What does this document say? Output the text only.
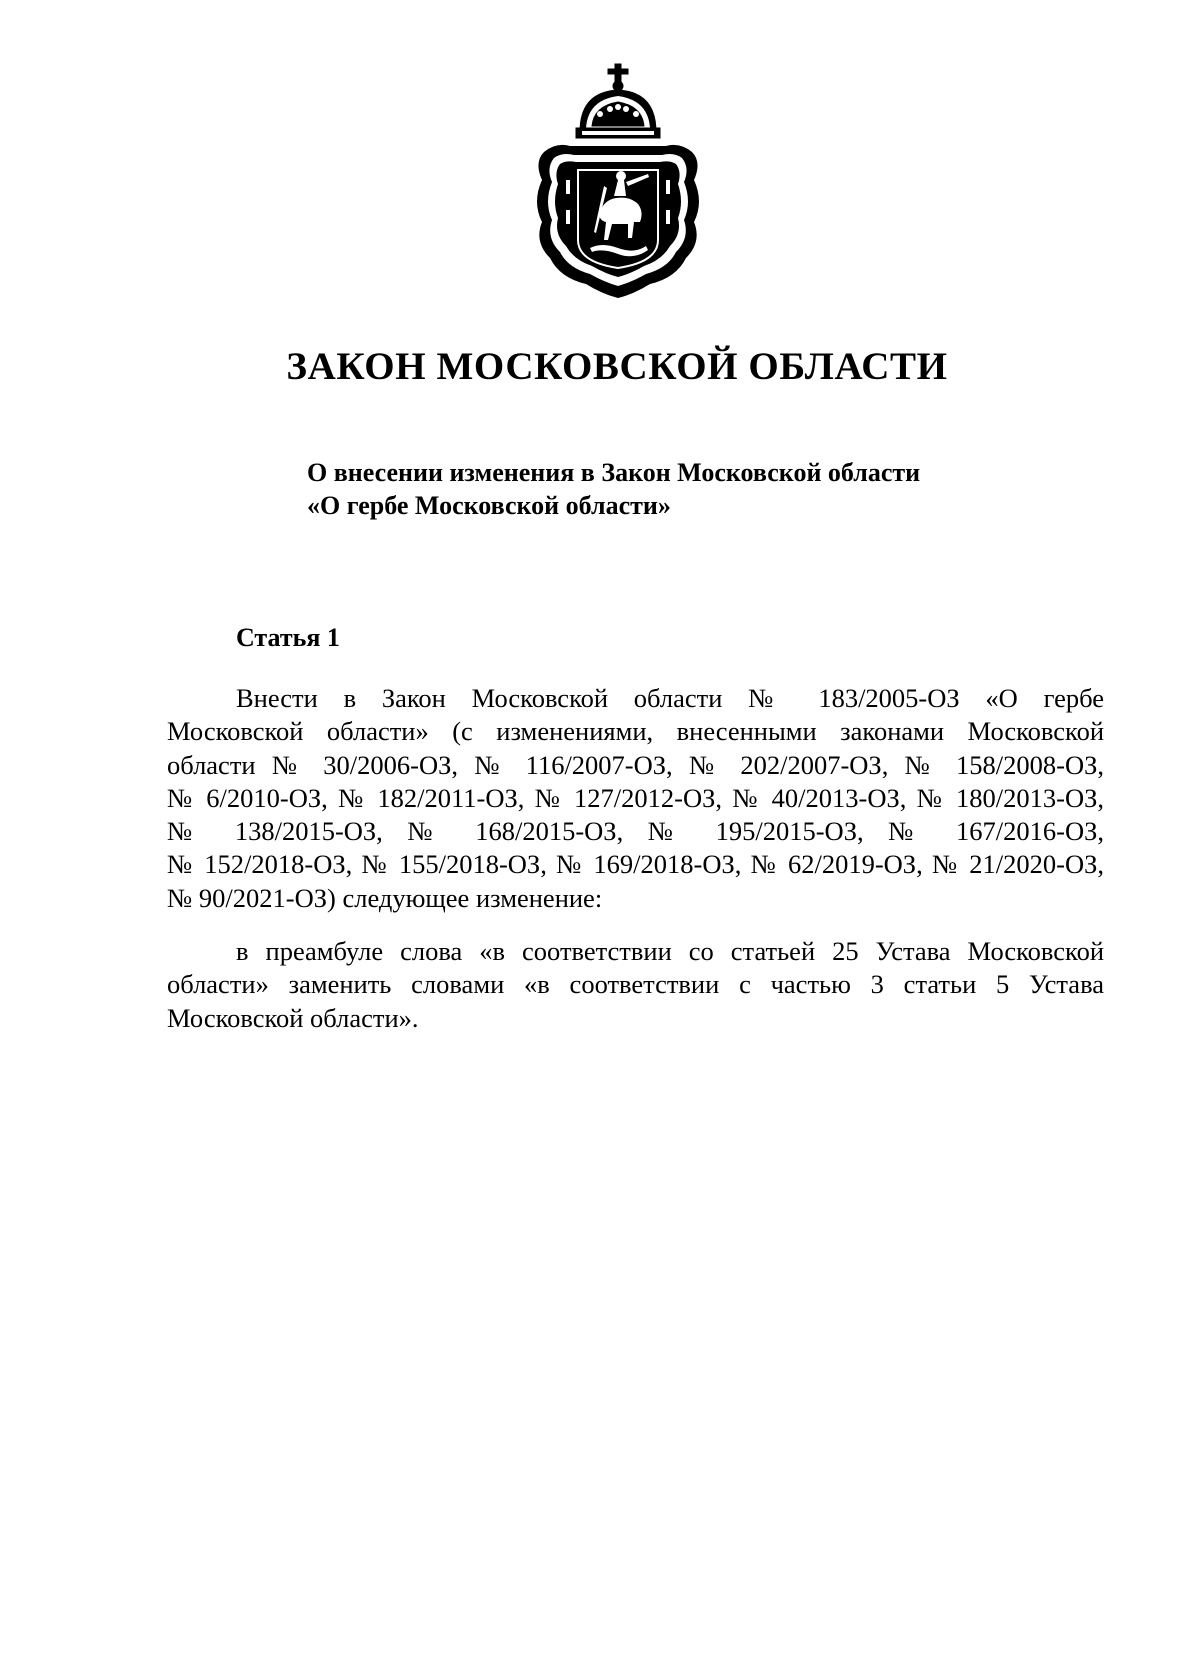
ЗАКОН МОСКОВСКОЙ ОБЛАСТИ
О внесении изменения в Закон Московской области
«О гербе Московской области»
Статья 1
Внести в Закон Московской области № 183/2005-ОЗ «О гербе
Московской области» (с изменениями, внесенными законами Московской
области № 30/2006-ОЗ, № 116/2007-ОЗ, № 202/2007-ОЗ, № 158/2008-ОЗ,
№ 6/2010-ОЗ, № 182/2011-ОЗ, № 127/2012-ОЗ, № 40/2013-ОЗ, № 180/2013-ОЗ,
№ 138/2015-ОЗ, № 168/2015-ОЗ, № 195/2015-ОЗ, № 167/2016-ОЗ,
№ 152/2018-ОЗ, № 155/2018-ОЗ, № 169/2018-ОЗ, № 62/2019-ОЗ, № 21/2020-ОЗ,
№ 90/2021-ОЗ) следующее изменение:
в преамбуле слова «в соответствии со статьей 25 Устава Московской
области» заменить словами «в соответствии с частью 3 статьи 5 Устава
Московской области».
